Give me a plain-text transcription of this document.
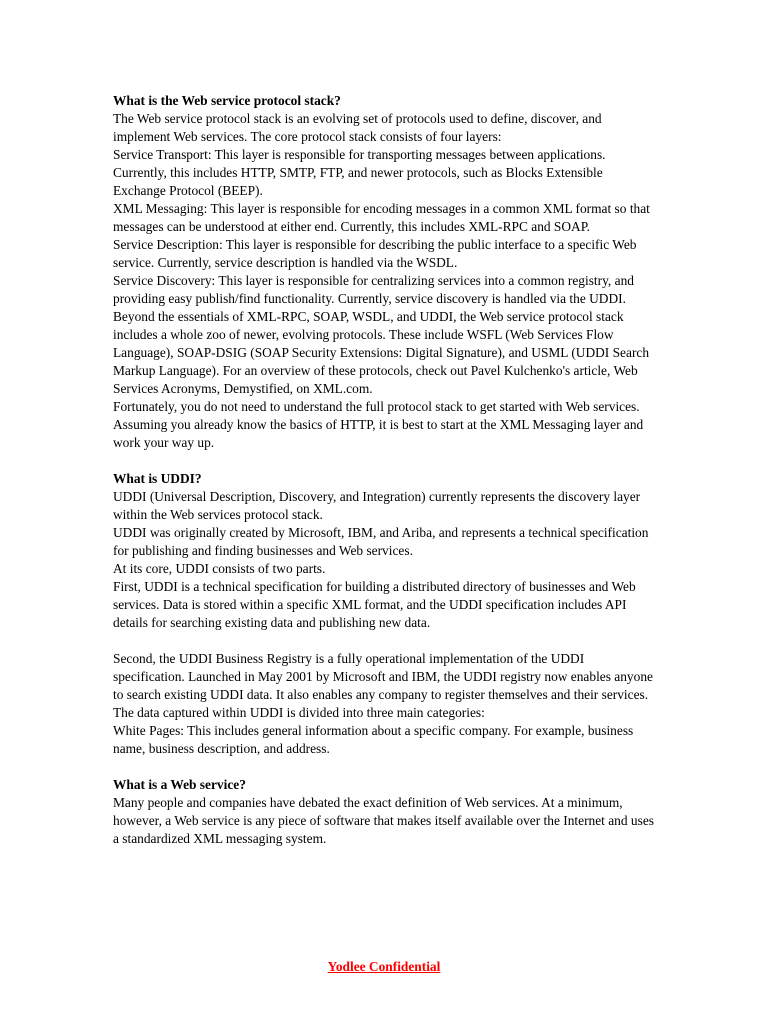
What is the Web service protocol stack?
The Web service protocol stack is an evolving set of protocols used to define, discover, and implement Web services. The core protocol stack consists of four layers:
Service Transport: This layer is responsible for transporting messages between applications. Currently, this includes HTTP, SMTP, FTP, and newer protocols, such as Blocks Extensible Exchange Protocol (BEEP).
XML Messaging: This layer is responsible for encoding messages in a common XML format so that messages can be understood at either end. Currently, this includes XML-RPC and SOAP.
Service Description: This layer is responsible for describing the public interface to a specific Web service. Currently, service description is handled via the WSDL.
Service Discovery: This layer is responsible for centralizing services into a common registry, and providing easy publish/find functionality. Currently, service discovery is handled via the UDDI.
Beyond the essentials of XML-RPC, SOAP, WSDL, and UDDI, the Web service protocol stack includes a whole zoo of newer, evolving protocols. These include WSFL (Web Services Flow Language), SOAP-DSIG (SOAP Security Extensions: Digital Signature), and USML (UDDI Search Markup Language). For an overview of these protocols, check out Pavel Kulchenko's article, Web Services Acronyms, Demystified, on XML.com.
Fortunately, you do not need to understand the full protocol stack to get started with Web services. Assuming you already know the basics of HTTP, it is best to start at the XML Messaging layer and work your way up.
What is UDDI?
UDDI (Universal Description, Discovery, and Integration) currently represents the discovery layer within the Web services protocol stack.
UDDI was originally created by Microsoft, IBM, and Ariba, and represents a technical specification for publishing and finding businesses and Web services.
At its core, UDDI consists of two parts.
First, UDDI is a technical specification for building a distributed directory of businesses and Web services. Data is stored within a specific XML format, and the UDDI specification includes API details for searching existing data and publishing new data.
Second, the UDDI Business Registry is a fully operational implementation of the UDDI specification. Launched in May 2001 by Microsoft and IBM, the UDDI registry now enables anyone to search existing UDDI data. It also enables any company to register themselves and their services.
The data captured within UDDI is divided into three main categories:
White Pages: This includes general information about a specific company. For example, business name, business description, and address.
What is a Web service?
Many people and companies have debated the exact definition of Web services. At a minimum, however, a Web service is any piece of software that makes itself available over the Internet and uses a standardized XML messaging system.
Yodlee Confidential
